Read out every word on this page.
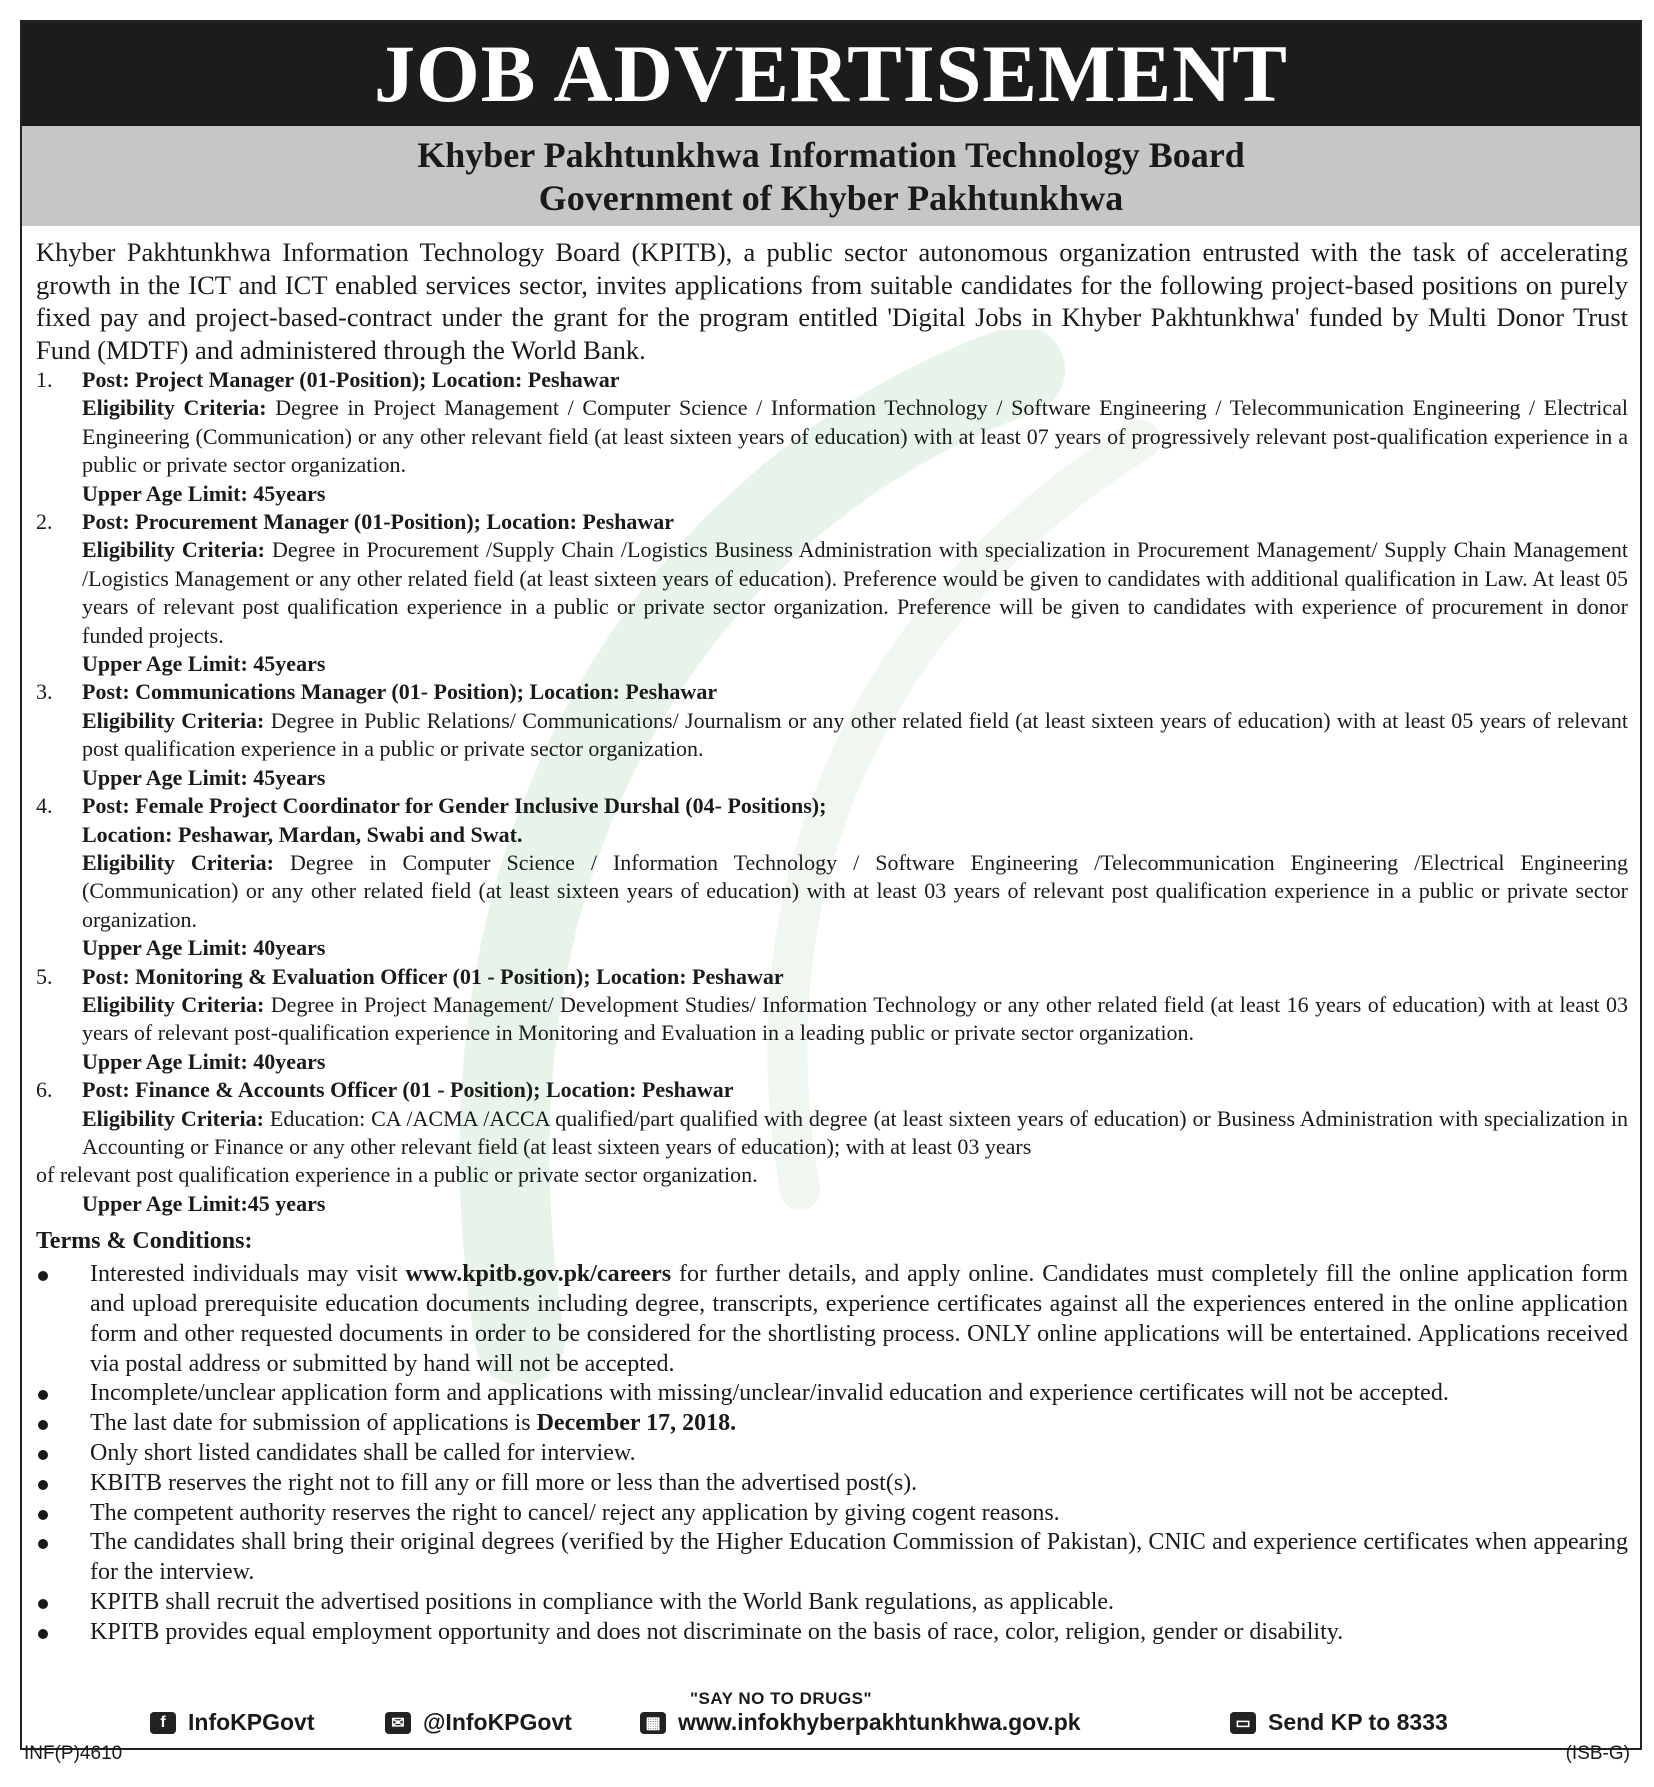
JOB ADVERTISEMENT
Khyber Pakhtunkhwa Information Technology Board
Government of Khyber Pakhtunkhwa

Khyber Pakhtunkhwa Information Technology Board (KPITB), a public sector autonomous organization entrusted with the task of accelerating growth in the ICT and ICT enabled services sector, invites applications from suitable candidates for the following project-based positions on purely fixed pay and project-based-contract under the grant for the program entitled 'Digital Jobs in Khyber Pakhtunkhwa' funded by Multi Donor Trust Fund (MDTF) and administered through the World Bank.

1. Post: Project Manager (01-Position); Location: Peshawar
Eligibility Criteria: Degree in Project Management / Computer Science / Information Technology / Software Engineering / Telecommunication Engineering / Electrical Engineering (Communication) or any other relevant field (at least sixteen years of education) with at least 07 years of progressively relevant post-qualification experience in a public or private sector organization.
Upper Age Limit: 45years
2. Post: Procurement Manager (01-Position); Location: Peshawar
Eligibility Criteria: Degree in Procurement /Supply Chain /Logistics Business Administration with specialization in Procurement Management/ Supply Chain Management /Logistics Management or any other related field (at least sixteen years of education). Preference would be given to candidates with additional qualification in Law. At least 05 years of relevant post qualification experience in a public or private sector organization. Preference will be given to candidates with experience of procurement in donor funded projects.
Upper Age Limit: 45years
3. Post: Communications Manager (01- Position); Location: Peshawar
Eligibility Criteria: Degree in Public Relations/ Communications/ Journalism or any other related field (at least sixteen years of education) with at least 05 years of relevant post qualification experience in a public or private sector organization.
Upper Age Limit: 45years
4. Post: Female Project Coordinator for Gender Inclusive Durshal (04- Positions);
Location: Peshawar, Mardan, Swabi and Swat.
Eligibility Criteria: Degree in Computer Science / Information Technology / Software Engineering /Telecommunication Engineering /Electrical Engineering (Communication) or any other related field (at least sixteen years of education) with at least 03 years of relevant post qualification experience in a public or private sector organization.
Upper Age Limit: 40years
5. Post: Monitoring & Evaluation Officer (01 - Position); Location: Peshawar
Eligibility Criteria: Degree in Project Management/ Development Studies/ Information Technology or any other related field (at least 16 years of education) with at least 03 years of relevant post-qualification experience in Monitoring and Evaluation in a leading public or private sector organization.
Upper Age Limit: 40years
6. Post: Finance & Accounts Officer (01 - Position); Location: Peshawar
Eligibility Criteria: Education: CA /ACMA /ACCA qualified/part qualified with degree (at least sixteen years of education) or Business Administration with specialization in Accounting or Finance or any other relevant field (at least sixteen years of education); with at least 03 years
of relevant post qualification experience in a public or private sector organization.
Upper Age Limit:45 years
Terms & Conditions:
Interested individuals may visit www.kpitb.gov.pk/careers for further details, and apply online. Candidates must completely fill the online application form and upload prerequisite education documents including degree, transcripts, experience certificates against all the experiences entered in the online application form and other requested documents in order to be considered for the shortlisting process. ONLY online applications will be entertained. Applications received via postal address or submitted by hand will not be accepted.
Incomplete/unclear application form and applications with missing/unclear/invalid education and experience certificates will not be accepted.
The last date for submission of applications is December 17, 2018.
Only short listed candidates shall be called for interview.
KBITB reserves the right not to fill any or fill more or less than the advertised post(s).
The competent authority reserves the right to cancel/ reject any application by giving cogent reasons.
The candidates shall bring their original degrees (verified by the Higher Education Commission of Pakistan), CNIC and experience certificates when appearing for the interview.
KPITB shall recruit the advertised positions in compliance with the World Bank regulations, as applicable.
KPITB provides equal employment opportunity and does not discriminate on the basis of race, color, religion, gender or disability.
"SAY NO TO DRUGS"
f InfoKPGovt	✉ @InfoKPGovt	▦ www.infokhyberpakhtunkhwa.gov.pk	▭ Send KP to 8333
INF(P)4610	(ISB-G)
